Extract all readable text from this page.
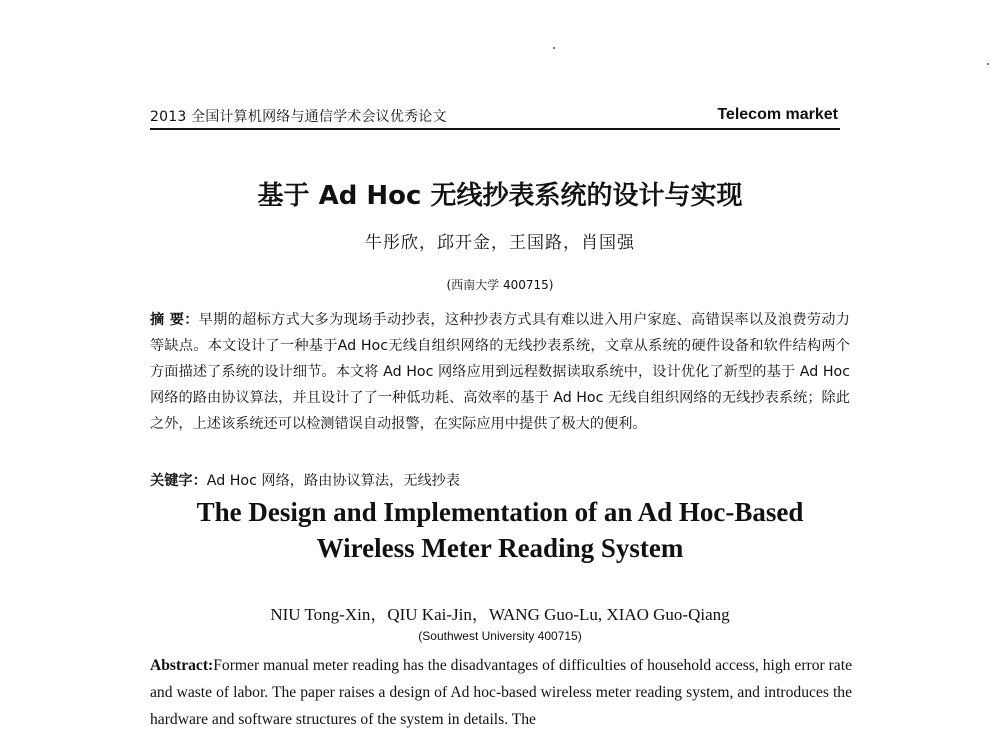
2013 全国计算机网络与通信学术会议优秀论文	Telecom market
基于 Ad Hoc 无线抄表系统的设计与实现
牛彤欣，邱开金，王国路，肖国强
(西南大学 400715)
摘 要：早期的超标方式大多为现场手动抄表，这种抄表方式具有难以进入用户家庭、高错误率以及浪费劳动力等缺点。本文设计了一种基于Ad Hoc无线自组织网络的无线抄表系统，文章从系统的硬件设备和软件结构两个方面描述了系统的设计细节。本文将 Ad Hoc 网络应用到远程数据读取系统中，设计优化了新型的基于 Ad Hoc 网络的路由协议算法，并且设计了了一种低功耗、高效率的基于 Ad Hoc 无线自组织网络的无线抄表系统；除此之外，上述该系统还可以检测错误自动报警，在实际应用中提供了极大的便利。
关键字：Ad Hoc 网络，路由协议算法，无线抄表
The Design and Implementation of an Ad Hoc-Based
Wireless Meter Reading System
NIU Tong-Xin，QIU Kai-Jin，WANG Guo-Lu, XIAO Guo-Qiang
(Southwest University 400715)
Abstract:Former manual meter reading has the disadvantages of difficulties of household access, high error rate and waste of labor. The paper raises a design of Ad hoc-based wireless meter reading system, and introduces the hardware and software structures of the system in details. The
